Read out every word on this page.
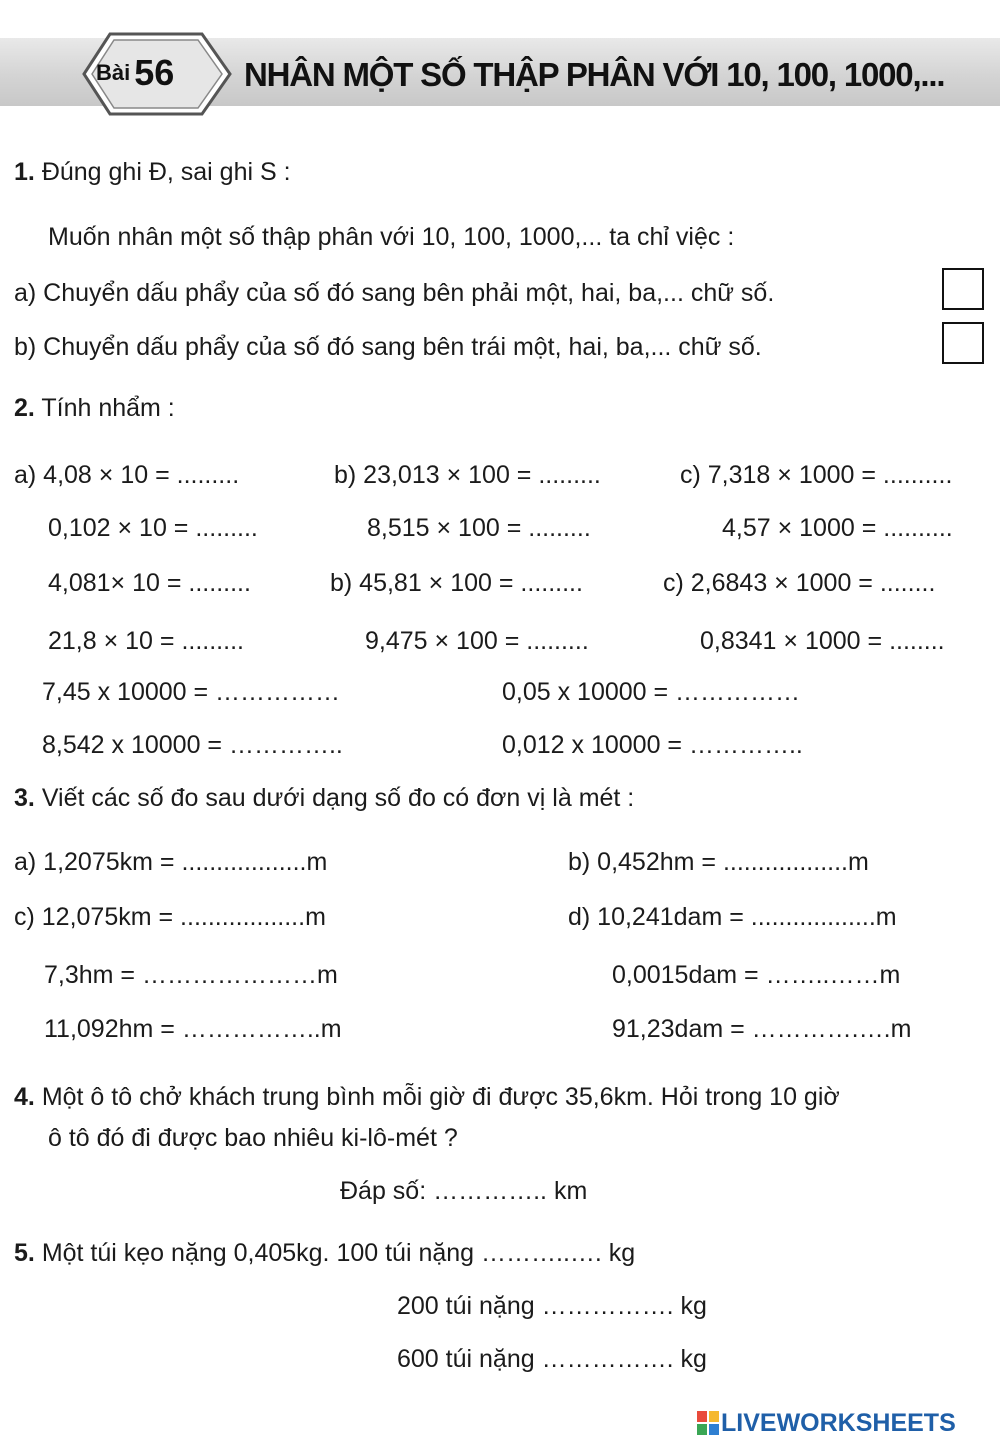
Bài 56 NHÂN MỘT SỐ THẬP PHÂN VỚI 10, 100, 1000,...
1. Đúng ghi Đ, sai ghi S :
Muốn nhân một số thập phân với 10, 100, 1000,... ta chỉ việc :
a) Chuyển dấu phẩy của số đó sang bên phải một, hai, ba,... chữ số.
b) Chuyển dấu phẩy của số đó sang bên trái một, hai, ba,... chữ số.
2. Tính nhẩm :
a) 4,08 × 10 = .........	b) 23,013 × 100 = .........	c) 7,318 × 1000 = ..........
0,102 × 10 = .........	8,515 × 100 = .........	4,57 × 1000 = ..........
4,081× 10 = .........	b) 45,81 × 100 = .........	c) 2,6843 × 1000 = ........
21,8 × 10 = .........	9,475 × 100 = .........	0,8341 × 1000 = ........
7,45 x 10000 = ……………	0,05 x 10000 = ……………
8,542 x 10000 = …………..	0,012 x 10000 = …………..
3. Viết các số đo sau dưới dạng số đo có đơn vị là mét :
a) 1,2075km = ..................m	b) 0,452hm = ..................m
c) 12,075km = ..................m	d) 10,241dam = ..................m
7,3hm = …………………m	0,0015dam = ……..……m
11,092hm = ……………..m	91,23dam = ………….….m
4. Một ô tô chở khách trung bình mỗi giờ đi được 35,6km. Hỏi trong 10 giờ
ô tô đó đi được bao nhiêu ki-lô-mét ?
Đáp số: ………….. km
5. Một túi kẹo nặng 0,405kg. 100 túi nặng ………..…. kg
200 túi nặng ……………. kg
600 túi nặng ……………. kg
LIVEWORKSHEETS
